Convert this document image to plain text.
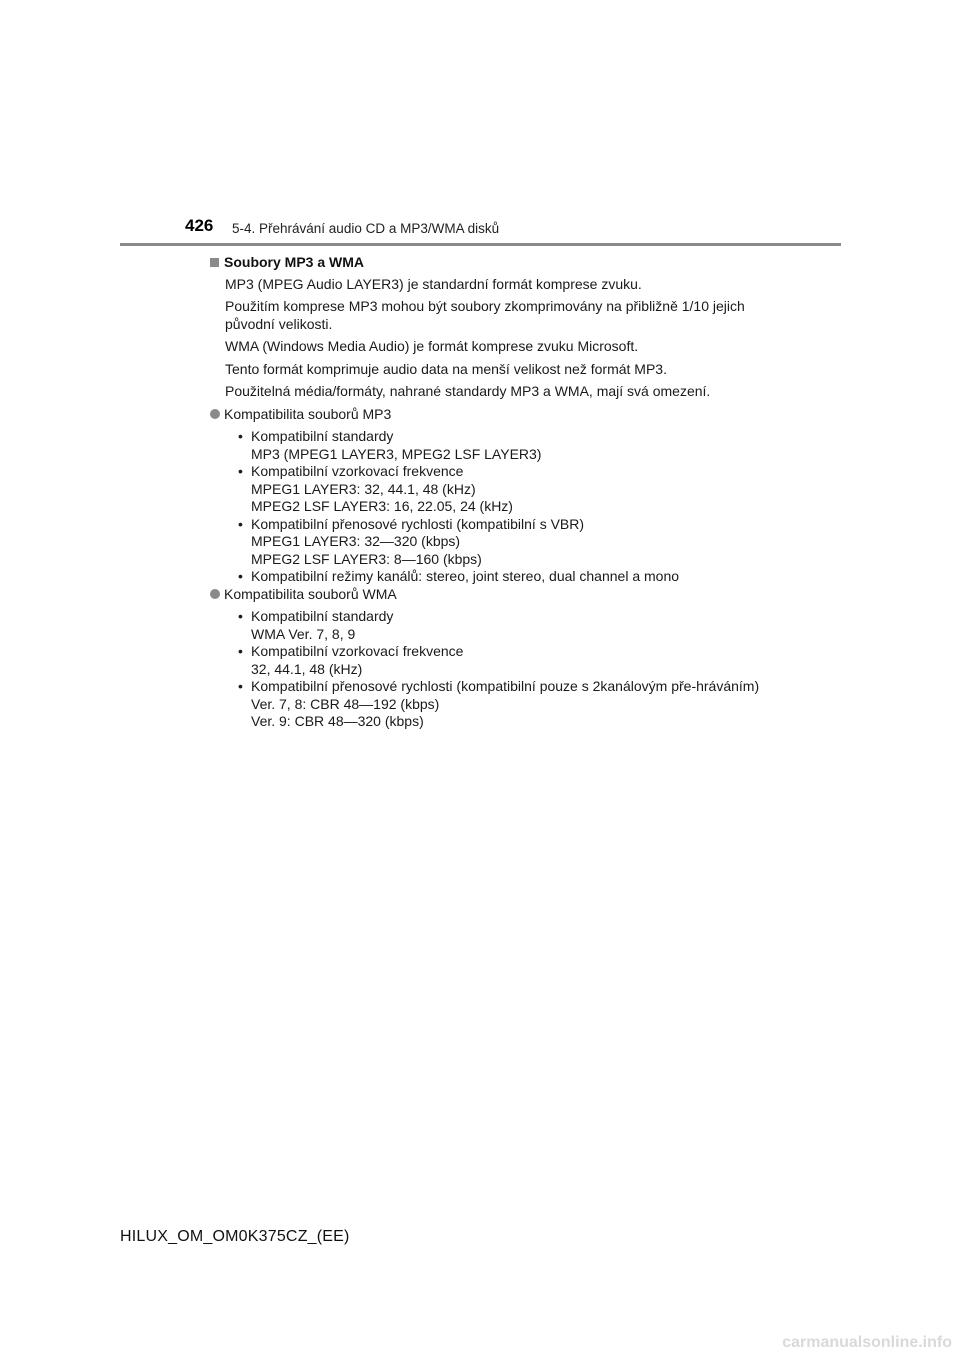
426 5-4. Přehrávání audio CD a MP3/WMA disků
Soubory MP3 a WMA

MP3 (MPEG Audio LAYER3) je standardní formát komprese zvuku.

Použitím komprese MP3 mohou být soubory zkomprimovány na přibližně 1/10 jejich původní velikosti.

WMA (Windows Media Audio) je formát komprese zvuku Microsoft.

Tento formát komprimuje audio data na menší velikost než formát MP3.

Použitelná média/formáty, nahrané standardy MP3 a WMA, mají svá omezení.

Kompatibilita souborů MP3
• Kompatibilní standardy
MP3 (MPEG1 LAYER3, MPEG2 LSF LAYER3)
• Kompatibilní vzorkovací frekvence
MPEG1 LAYER3: 32, 44.1, 48 (kHz)
MPEG2 LSF LAYER3: 16, 22.05, 24 (kHz)
• Kompatibilní přenosové rychlosti (kompatibilní s VBR)
MPEG1 LAYER3: 32—320 (kbps)
MPEG2 LSF LAYER3: 8—160 (kbps)
• Kompatibilní režimy kanálů: stereo, joint stereo, dual channel a mono
Kompatibilita souborů WMA
• Kompatibilní standardy
WMA Ver. 7, 8, 9
• Kompatibilní vzorkovací frekvence
32, 44.1, 48 (kHz)
• Kompatibilní přenosové rychlosti (kompatibilní pouze s 2kanálovým pře-hráváním)
Ver. 7, 8: CBR 48—192 (kbps)
Ver. 9: CBR 48—320 (kbps)
HILUX_OM_OM0K375CZ_(EE)
carmanualsonline.info
